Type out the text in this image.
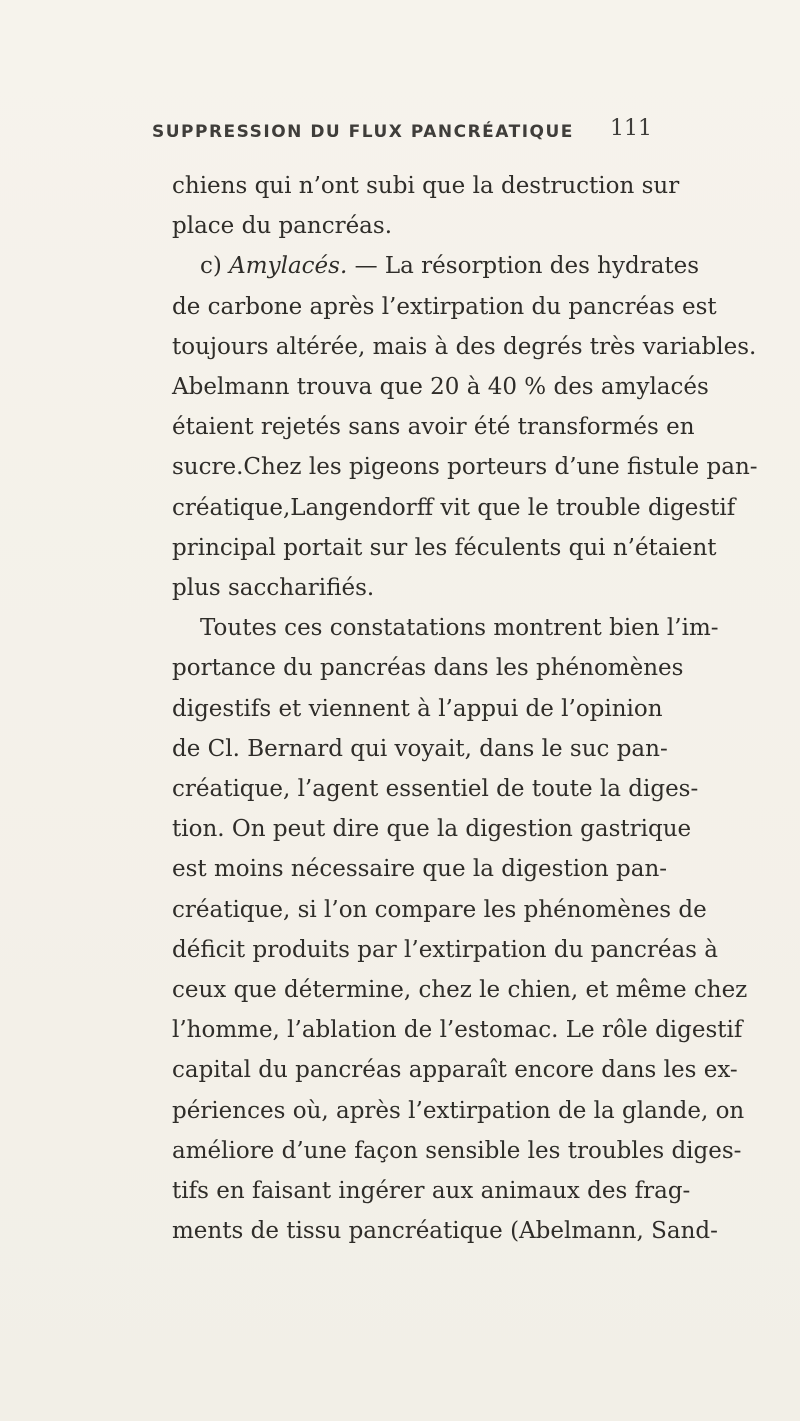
SUPPRESSION DU FLUX PANCRÉATIQUE 111
chiens qui n’ont subi que la destruction sur
place du pancréas.
c) Amylacés. — La résorption des hydrates
de carbone après l’extirpation du pancréas est
toujours altérée, mais à des degrés très variables.
Abelmann trouva que 20 à 40 % des amylacés
étaient rejetés sans avoir été transformés en
sucre.Chez les pigeons porteurs d’une fistule pan-
créatique,Langendorff vit que le trouble digestif
principal portait sur les féculents qui n’étaient
plus saccharifiés.
Toutes ces constatations montrent bien l’im-
portance du pancréas dans les phénomènes
digestifs et viennent à l’appui de l’opinion
de Cl. Bernard qui voyait, dans le suc pan-
créatique, l’agent essentiel de toute la diges-
tion. On peut dire que la digestion gastrique
est moins nécessaire que la digestion pan-
créatique, si l’on compare les phénomènes de
déficit produits par l’extirpation du pancréas à
ceux que détermine, chez le chien, et même chez
l’homme, l’ablation de l’estomac. Le rôle digestif
capital du pancréas apparaît encore dans les ex-
périences où, après l’extirpation de la glande, on
améliore d’une façon sensible les troubles diges-
tifs en faisant ingérer aux animaux des frag-
ments de tissu pancréatique (Abelmann, Sand-
